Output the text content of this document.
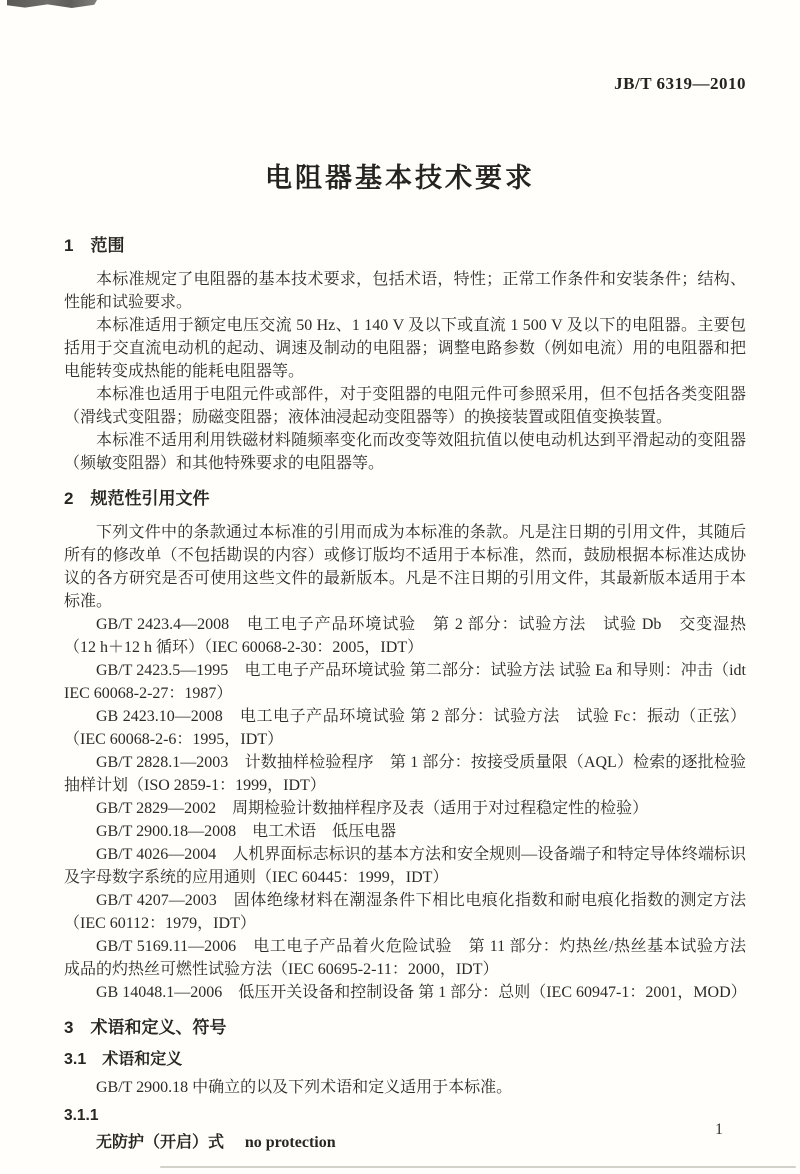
JB/T 6319—2010
电阻器基本技术要求
1　范围

本标准规定了电阻器的基本技术要求，包括术语，特性；正常工作条件和安装条件；结构、性能和试验要求。

本标准适用于额定电压交流 50 Hz、1 140 V 及以下或直流 1 500 V 及以下的电阻器。主要包括用于交直流电动机的起动、调速及制动的电阻器；调整电路参数（例如电流）用的电阻器和把电能转变成热能的能耗电阻器等。

本标准也适用于电阻元件或部件，对于变阻器的电阻元件可参照采用，但不包括各类变阻器（滑线式变阻器；励磁变阻器；液体油浸起动变阻器等）的换接装置或阻值变换装置。

本标准不适用利用铁磁材料随频率变化而改变等效阻抗值以使电动机达到平滑起动的变阻器（频敏变阻器）和其他特殊要求的电阻器等。

2　规范性引用文件

下列文件中的条款通过本标准的引用而成为本标准的条款。凡是注日期的引用文件，其随后所有的修改单（不包括勘误的内容）或修订版均不适用于本标准，然而，鼓励根据本标准达成协议的各方研究是否可使用这些文件的最新版本。凡是不注日期的引用文件，其最新版本适用于本标准。

GB/T 2423.4—2008　电工电子产品环境试验　第 2 部分：试验方法　试验 Db　交变湿热（12 h＋12 h 循环）（IEC 60068-2-30：2005，IDT）

GB/T 2423.5—1995　电工电子产品环境试验 第二部分：试验方法 试验 Ea 和导则：冲击（idt IEC 60068-2-27：1987）

GB 2423.10—2008　电工电子产品环境试验 第 2 部分：试验方法　试验 Fc：振动（正弦）（IEC 60068-2-6：1995，IDT）

GB/T 2828.1—2003　计数抽样检验程序　第 1 部分：按接受质量限（AQL）检索的逐批检验抽样计划（ISO 2859-1：1999，IDT）

GB/T 2829—2002　周期检验计数抽样程序及表（适用于对过程稳定性的检验）

GB/T 2900.18—2008　电工术语　低压电器

GB/T 4026—2004　人机界面标志标识的基本方法和安全规则—设备端子和特定导体终端标识及字母数字系统的应用通则（IEC 60445：1999，IDT）

GB/T 4207—2003　固体绝缘材料在潮湿条件下相比电痕化指数和耐电痕化指数的测定方法（IEC 60112：1979，IDT）

GB/T 5169.11—2006　电工电子产品着火危险试验　第 11 部分：灼热丝/热丝基本试验方法　成品的灼热丝可燃性试验方法（IEC 60695-2-11：2000，IDT）

GB 14048.1—2006　低压开关设备和控制设备 第 1 部分：总则（IEC 60947-1：2001，MOD）

3　术语和定义、符号
3.1　术语和定义

GB/T 2900.18 中确立的以及下列术语和定义适用于本标准。

3.1.1

无防护（开启）式 no protection

1
